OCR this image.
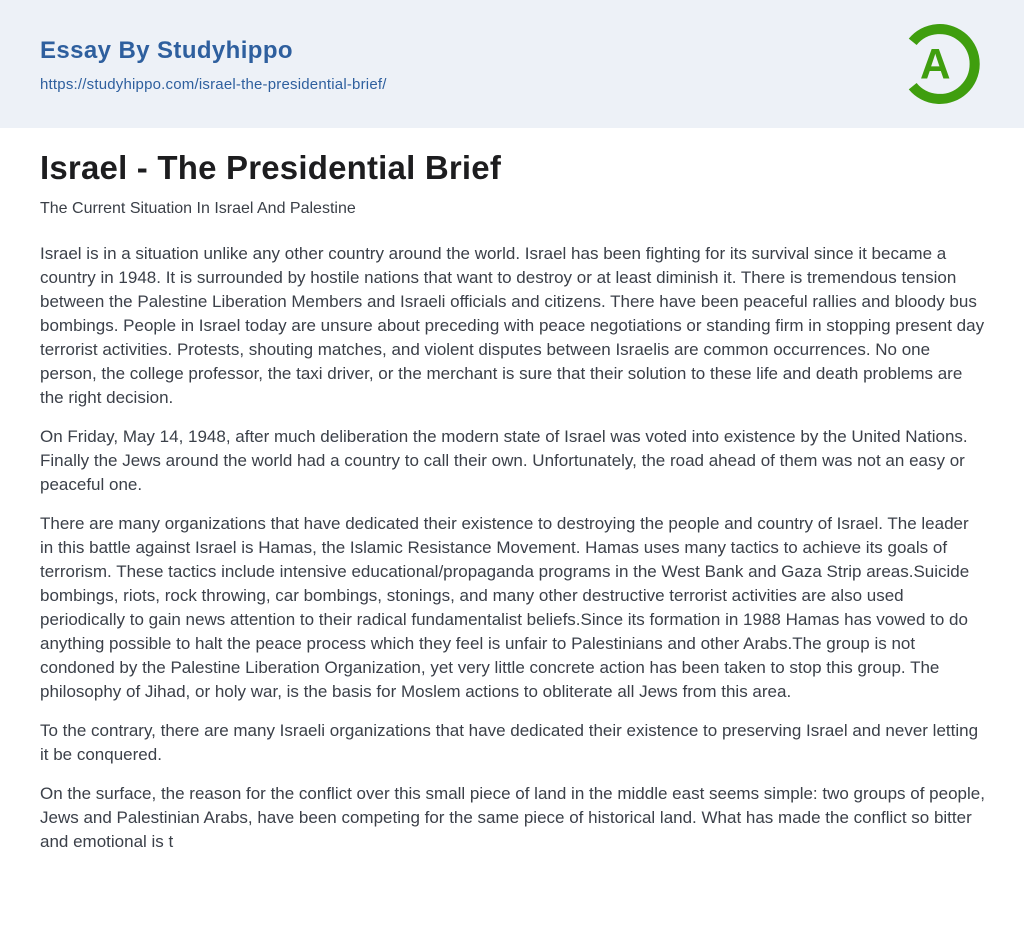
Essay By Studyhippo
https://studyhippo.com/israel-the-presidential-brief/	A
Israel - The Presidential Brief

The Current Situation In Israel And Palestine

Israel is in a situation unlike any other country around the world. Israel has been fighting for its survival since it became a country in 1948. It is surrounded by hostile nations that want to destroy or at least diminish it. There is tremendous tension between the Palestine Liberation Members and Israeli officials and citizens. There have been peaceful rallies and bloody bus bombings. People in Israel today are unsure about preceding with peace negotiations or standing firm in stopping present day terrorist activities. Protests, shouting matches, and violent disputes between Israelis are common occurrences. No one person, the college professor, the taxi driver, or the merchant is sure that their solution to these life and death problems are the right decision.

On Friday, May 14, 1948, after much deliberation the modern state of Israel was voted into existence by the United Nations. Finally the Jews around the world had a country to call their own. Unfortunately, the road ahead of them was not an easy or peaceful one.

There are many organizations that have dedicated their existence to destroying the people and country of Israel. The leader in this battle against Israel is Hamas, the Islamic Resistance Movement. Hamas uses many tactics to achieve its goals of terrorism. These tactics include intensive educational/propaganda programs in the West Bank and Gaza Strip areas.Suicide bombings, riots, rock throwing, car bombings, stonings, and many other destructive terrorist activities are also used periodically to gain news attention to their radical fundamentalist beliefs.Since its formation in 1988 Hamas has vowed to do anything possible to halt the peace process which they feel is unfair to Palestinians and other Arabs.The group is not condoned by the Palestine Liberation Organization, yet very little concrete action has been taken to stop this group. The philosophy of Jihad, or holy war, is the basis for Moslem actions to obliterate all Jews from this area.

To the contrary, there are many Israeli organizations that have dedicated their existence to preserving Israel and never letting it be conquered.

On the surface, the reason for the conflict over this small piece of land in the middle east seems simple: two groups of people, Jews and Palestinian Arabs, have been competing for the same piece of historical land. What has made the conflict so bitter and emotional is t
